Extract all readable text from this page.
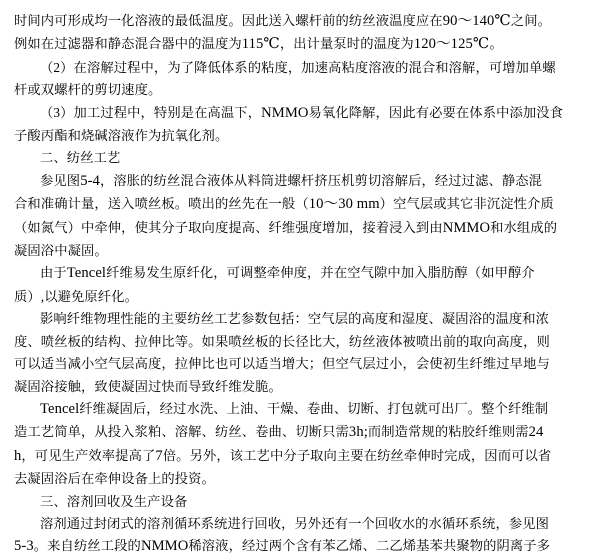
时间内可形成均一化溶液的最低温度。因此送入螺杆前的纺丝液温度应在90～140℃之间。

例如在过滤器和静态混合器中的温度为115℃，出计量泵时的温度为120～125℃。

（2）在溶解过程中，为了降低体系的粘度，加速高粘度溶液的混合和溶解，可增加单螺

杆或双螺杆的剪切速度。

（3）加工过程中，特别是在高温下，NMMO易氧化降解，因此有必要在体系中添加没食

子酸丙酯和烧碱溶液作为抗氧化剂。

二、纺丝工艺

参见图5-4，溶胀的纺丝混合液体从料筒进螺杆挤压机剪切溶解后，经过过滤、静态混

合和准确计量，送入喷丝板。喷出的丝先在一般（10～30 mm）空气层或其它非沉淀性介质

（如氮气）中牵伸，使其分子取向度提高、纤维强度增加，接着浸入到由NMMO和水组成的

凝固浴中凝固。

由于Tencel纤维易发生原纤化，可调整牵伸度，并在空气隙中加入脂肪醇（如甲醇介

质）,以避免原纤化。

影响纤维物理性能的主要纺丝工艺参数包括：空气层的高度和湿度、凝固浴的温度和浓

度、喷丝板的结构、拉伸比等。如果喷丝板的长径比大，纺丝液体被喷出前的取向高度，则

可以适当减小空气层高度，拉伸比也可以适当增大；但空气层过小，会使初生纤维过早地与

凝固浴接触，致使凝固过快而导致纤维发脆。

Tencel纤维凝固后，经过水洗、上油、干燥、卷曲、切断、打包就可出厂。整个纤维制

造工艺简单，从投入浆粕、溶解、纺丝、卷曲、切断只需3h;而制造常规的粘胶纤维则需24

h，可见生产效率提高了7倍。另外，该工艺中分子取向主要在纺丝牵伸时完成，因而可以省

去凝固浴后在牵伸设备上的投资。

三、溶剂回收及生产设备

溶剂通过封闭式的溶剂循环系统进行回收，另外还有一个回收水的水循环系统，参见图

5-3。来自纺丝工段的NMMO稀溶液，经过两个含有苯乙烯、二乙烯基苯共聚物的阴离子多
